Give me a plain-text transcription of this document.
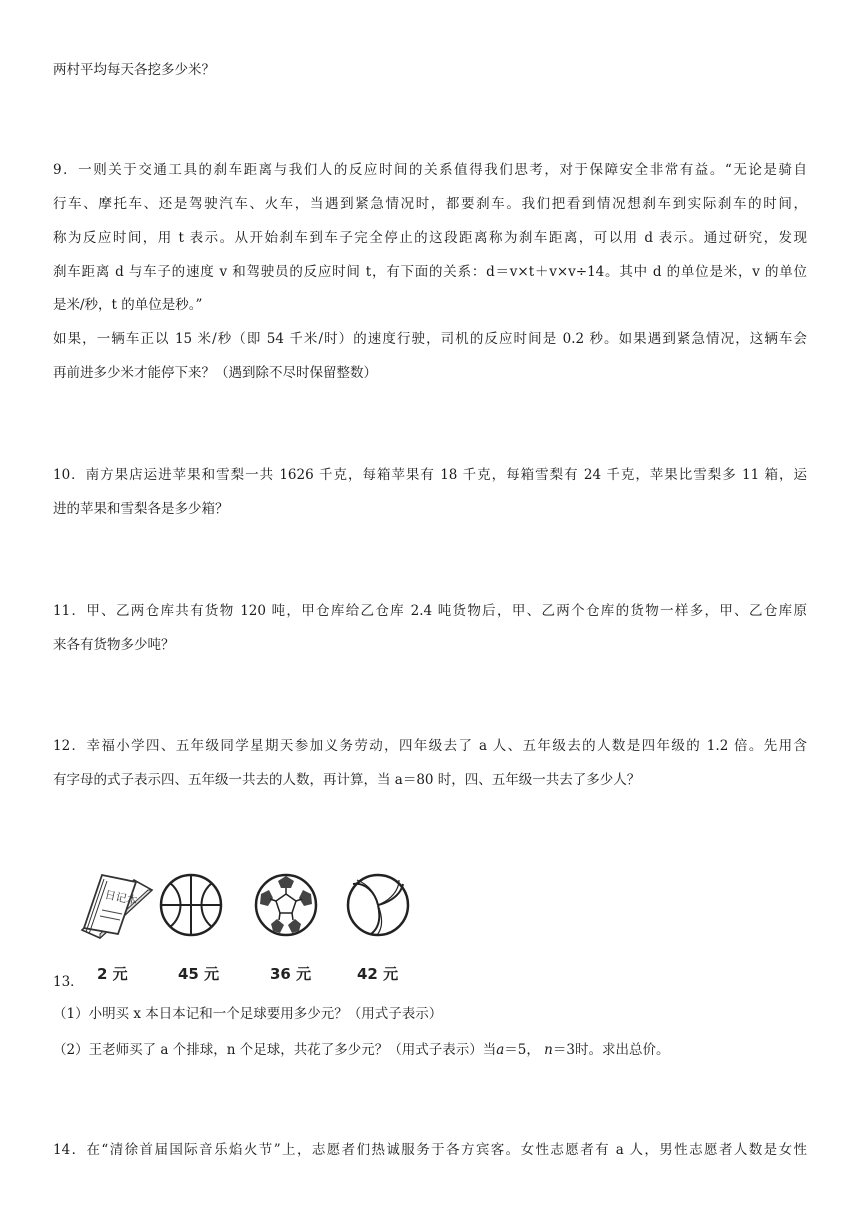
两村平均每天各挖多少米？
9．一则关于交通工具的刹车距离与我们人的反应时间的关系值得我们思考，对于保障安全非常有益。“无论是骑自
行车、摩托车、还是驾驶汽车、火车，当遇到紧急情况时，都要刹车。我们把看到情况想刹车到实际刹车的时间，
称为反应时间，用 t 表示。从开始刹车到车子完全停止的这段距离称为刹车距离，可以用 d 表示。通过研究，发现
刹车距离 d 与车子的速度 v 和驾驶员的反应时间 t，有下面的关系：d＝v×t＋v×v÷14。其中 d 的单位是米，v 的单位
是米/秒，t 的单位是秒。”
如果，一辆车正以 15 米/秒（即 54 千米/时）的速度行驶，司机的反应时间是 0.2 秒。如果遇到紧急情况，这辆车会
再前进多少米才能停下来？（遇到除不尽时保留整数）
10．南方果店运进苹果和雪梨一共 1626 千克，每箱苹果有 18 千克，每箱雪梨有 24 千克，苹果比雪梨多 11 箱，运
进的苹果和雪梨各是多少箱？
11．甲、乙两仓库共有货物 120 吨，甲仓库给乙仓库 2.4 吨货物后，甲、乙两个仓库的货物一样多，甲、乙仓库原
来各有货物多少吨？
12．幸福小学四、五年级同学星期天参加义务劳动，四年级去了 a 人、五年级去的人数是四年级的 1.2 倍。先用含
有字母的式子表示四、五年级一共去的人数，再计算，当 a＝80 时，四、五年级一共去了多少人？
日记本
13． 2 元	45 元	36 元	42 元
（1）小明买 x 本日本记和一个足球要用多少元？（用式子表示）
（2）王老师买了 a 个排球，n 个足球，共花了多少元？（用式子表示）当a＝5， n＝3时。求出总价。
14．在“清徐首届国际音乐焰火节”上，志愿者们热诚服务于各方宾客。女性志愿者有 a 人，男性志愿者人数是女性
